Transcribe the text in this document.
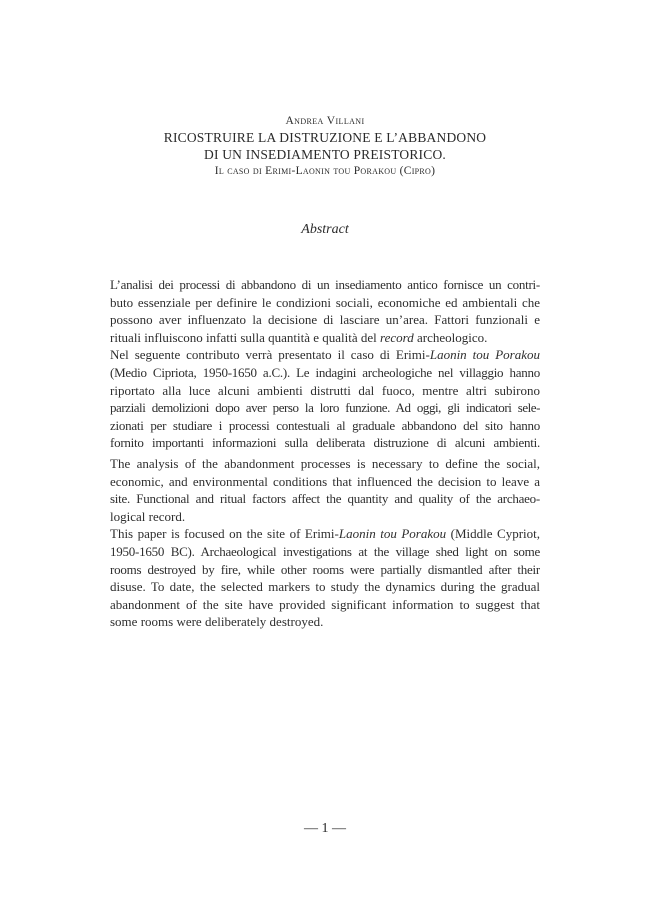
Andrea Villani
RICOSTRUIRE LA DISTRUZIONE E L’ABBANDONO
DI UN INSEDIAMENTO PREISTORICO.
Il caso di Erimi-Laonin tou Porakou (Cipro)
Abstract
L’analisi dei processi di abbandono di un insediamento antico fornisce un contri-
buto essenziale per definire le condizioni sociali, economiche ed ambientali che
possono aver influenzato la decisione di lasciare un’area. Fattori funzionali e
rituali influiscono infatti sulla quantità e qualità del record archeologico.
Nel seguente contributo verrà presentato il caso di Erimi-Laonin tou Porakou
(Medio Cipriota, 1950-1650 a.C.). Le indagini archeologiche nel villaggio hanno
riportato alla luce alcuni ambienti distrutti dal fuoco, mentre altri subirono
parziali demolizioni dopo aver perso la loro funzione. Ad oggi, gli indicatori sele-
zionati per studiare i processi contestuali al graduale abbandono del sito hanno
fornito importanti informazioni sulla deliberata distruzione di alcuni ambienti.
The analysis of the abandonment processes is necessary to define the social,
economic, and environmental conditions that influenced the decision to leave a
site. Functional and ritual factors affect the quantity and quality of the archaeo-
logical record.
This paper is focused on the site of Erimi-Laonin tou Porakou (Middle Cypriot,
1950-1650 BC). Archaeological investigations at the village shed light on some
rooms destroyed by fire, while other rooms were partially dismantled after their
disuse. To date, the selected markers to study the dynamics during the gradual
abandonment of the site have provided significant information to suggest that
some rooms were deliberately destroyed.
— 1 —
